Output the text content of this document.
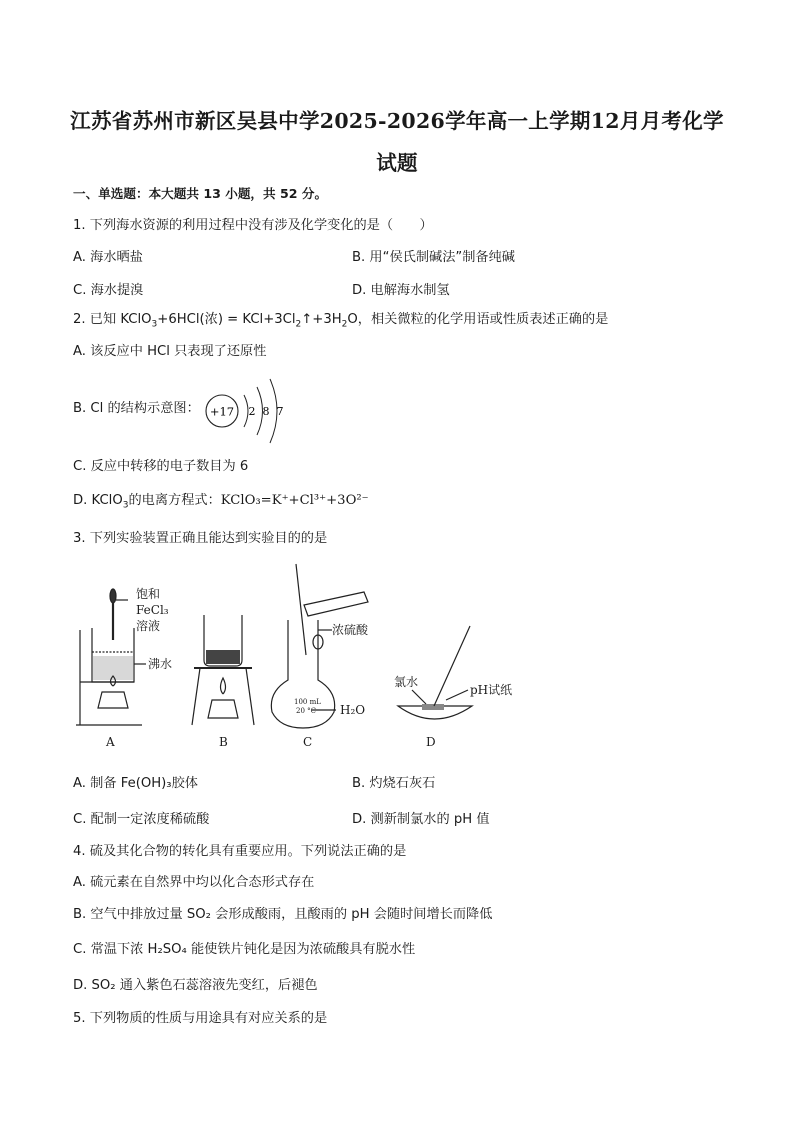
江苏省苏州市新区吴县中学2025-2026学年高一上学期12月月考化学
试题
一、单选题：本大题共 13 小题，共 52 分。
1. 下列海水资源的利用过程中没有涉及化学变化的是（　　）
A. 海水晒盐	B. 用“侯氏制碱法”制备纯碱
C. 海水提溴	D. 电解海水制氢
2. 已知 KClO$_3$+6HCl(浓) = $KCl+3Cl_2↑+3H_2O$，相关微粒的化学用语或性质表述正确的是
A. 该反应中 HCl 只表现了还原性
B. Cl 的结构示意图： +17 2 8 7
C. 反应中转移的电子数目为 6
D. KClO$_3$的电离方程式：KClO₃=K⁺+Cl³⁺+3O²⁻
3. 下列实验装置正确且能达到实验目的的是
饱和
FeCl₃
溶液
沸水
浓硫酸
100 mL
20 °C H₂O
氯水
pH试纸
A	B	C	D
A. 制备 Fe(OH)₃胶体	B. 灼烧石灰石
C. 配制一定浓度稀硫酸	D. 测新制氯水的 pH 值
4. 硫及其化合物的转化具有重要应用。下列说法正确的是
A. 硫元素在自然界中均以化合态形式存在
B. 空气中排放过量 SO₂ 会形成酸雨，且酸雨的 pH 会随时间增长而降低
C. 常温下浓 H₂SO₄ 能使铁片钝化是因为浓硫酸具有脱水性
D. SO₂ 通入紫色石蕊溶液先变红，后褪色
5. 下列物质的性质与用途具有对应关系的是
